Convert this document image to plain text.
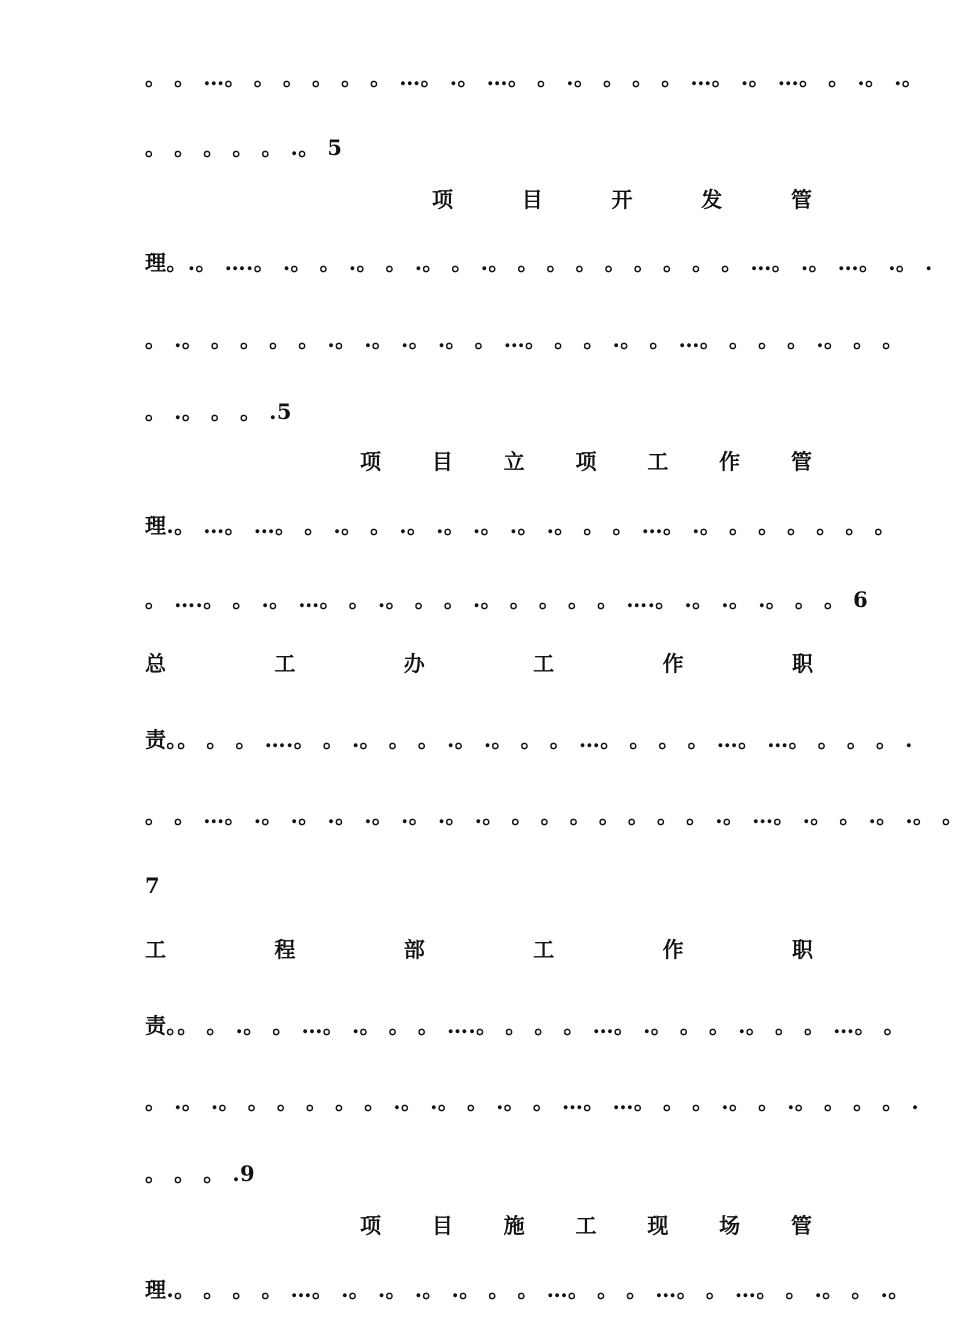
。 。 …。 。 。 。 。 。 …。 .。 …。 。 .。 。 。 。 …。 .。 …。 。 .。 .。
。 。 。 。 。 .。 5
项	目	开	发	管
理。.。 ….。 .。 。 .。 。 .。 。 .。 。 。 。 。 。 。 。 。 …。 .。 …。 .。 .
。 .。 。 。 。 。 .。 .。 .。 .。 。 …。 。 。 .。 。 …。 。 。 。 .。 。 。
。 .。 。 。 .5
项 目 立 项 工 作 管
理.。 …。 …。 。 .。 。 .。 .。 .。 .。 .。 。 。 …。 .。 。 。 。 。 。 。
。 ….。 。 .。 …。 。 .。 。 。 .。 。 。 。 。 ….。 .。 .。 .。 。 。 6
总	工	办	工	作	职
责。。 。 。 ….。 。 .。 。 。 .。 .。 。 。 …。 。 。 。 …。 …。 。 。 。 .
。 。 …。 .。 .。 .。 .。 .。 .。 .。 。 。 。 。 。 。 。 .。 …。 .。 。 .。 .。 。
7
工	程	部	工	作	职
责。。 。 .。 。 …。 .。 。 。 ….。 。 。 。 …。 .。 。 。 .。 。 。 …。 。
。 .。 .。 。 。 。 。 。 .。 .。 。 .。 。 …。 …。 。 。 .。 。 .。 。 。 。 .
。 。 。 .9
项 目 施 工 现 场 管
理.。 。 。 。 …。 .。 .。 .。 .。 。 。 …。 。 。 …。 。 …。 。 .。 。 .。
